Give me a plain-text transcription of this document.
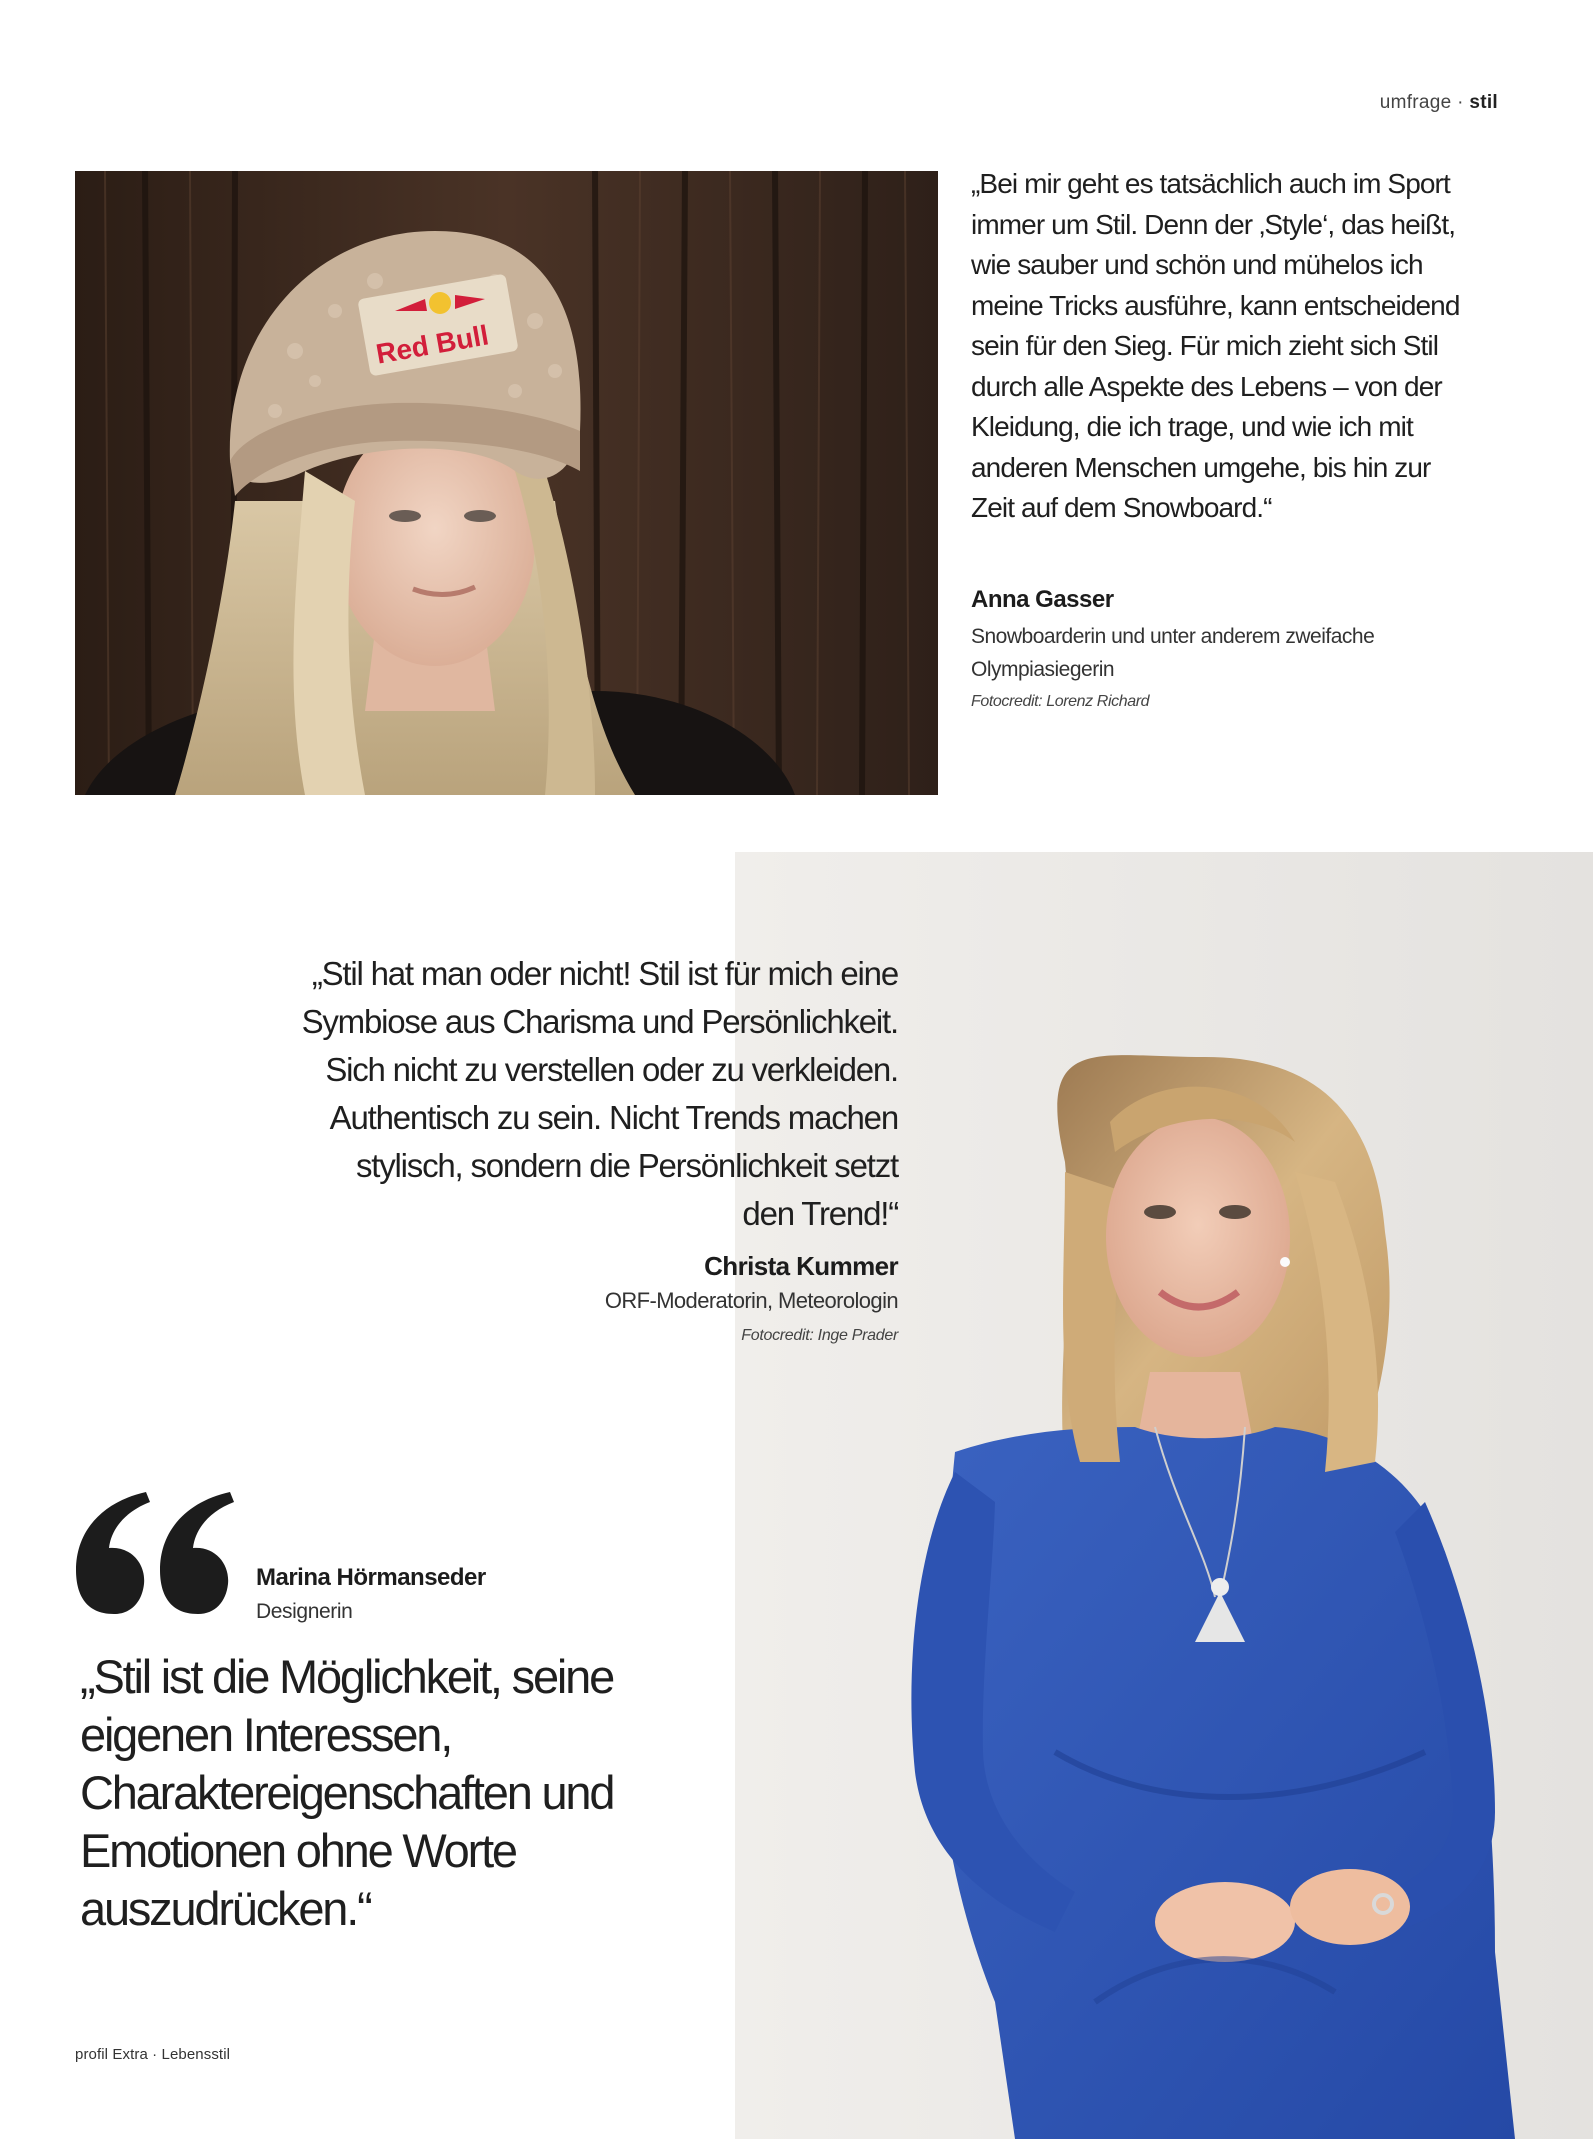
umfrage · stil
Red Bull
„Bei mir geht es tatsächlich auch im Sport immer um Stil. Denn der ‚Style‘, das heißt, wie sauber und schön und mühelos ich meine Tricks ausführe, kann entscheidend sein für den Sieg. Für mich zieht sich Stil durch alle Aspekte des Lebens – von der Kleidung, die ich trage, und wie ich mit anderen Menschen umgehe, bis hin zur Zeit auf dem Snowboard.“
Anna Gasser
Snowboarderin und unter anderem zweifache Olympiasiegerin
Fotocredit: Lorenz Richard
„Stil hat man oder nicht! Stil ist für mich eine Symbiose aus Charisma und Persönlichkeit. Sich nicht zu verstellen oder zu verkleiden. Authentisch zu sein. Nicht Trends machen stylisch, sondern die Persönlichkeit setzt den Trend!“
Christa Kummer
ORF-Moderatorin, Meteorologin
Fotocredit: Inge Prader
Marina Hörmanseder
Designerin
„Stil ist die Möglichkeit, seine eigenen Interessen, Charaktereigenschaften und Emotionen ohne Worte auszudrücken.“
profil Extra · Lebensstil
